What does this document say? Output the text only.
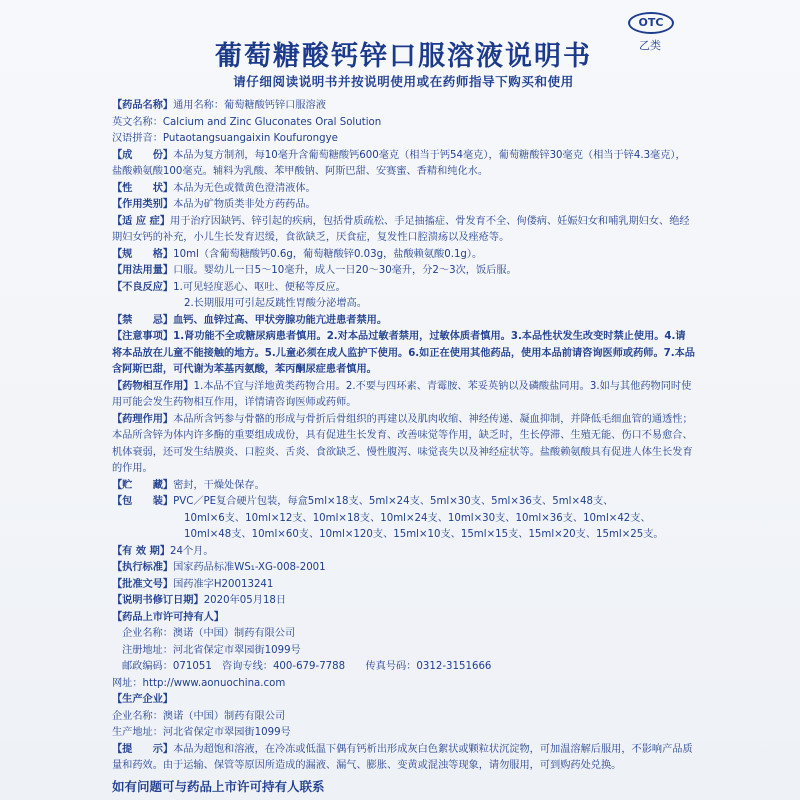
OTC
乙类
葡萄糖酸钙锌口服溶液说明书
请仔细阅读说明书并按说明使用或在药师指导下购买和使用
【药品名称】通用名称：葡萄糖酸钙锌口服溶液
英文名称：Calcium and Zinc Gluconates Oral Solution
汉语拼音：Putaotangsuangaixin Koufurongye
【成　　份】本品为复方制剂，每10毫升含葡萄糖酸钙600毫克（相当于钙54毫克），葡萄糖酸锌30毫克（相当于锌4.3毫克），盐酸赖氨酸100毫克。辅料为乳酸、苯甲酸钠、阿斯巴甜、安赛蜜、香精和纯化水。
【性　　状】本品为无色或微黄色澄清液体。
【作用类别】本品为矿物质类非处方药药品。
【适 应 症】用于治疗因缺钙、锌引起的疾病，包括骨质疏松、手足抽搐症、骨发育不全、佝偻病、妊娠妇女和哺乳期妇女、绝经期妇女钙的补充，小儿生长发育迟缓，食欲缺乏，厌食症，复发性口腔溃疡以及痤疮等。
【规　　格】10ml（含葡萄糖酸钙0.6g，葡萄糖酸锌0.03g，盐酸赖氨酸0.1g）。
【用法用量】口服。婴幼儿一日5～10毫升，成人一日20～30毫升，分2～3次，饭后服。
【不良反应】1.可见轻度恶心、呕吐、便秘等反应。
2.长期服用可引起反跳性胃酸分泌增高。
【禁　　忌】血钙、血锌过高、甲状旁腺功能亢进患者禁用。
【注意事项】1.肾功能不全或糖尿病患者慎用。2.对本品过敏者禁用，过敏体质者慎用。3.本品性状发生改变时禁止使用。4.请将本品放在儿童不能接触的地方。5.儿童必须在成人监护下使用。6.如正在使用其他药品，使用本品前请咨询医师或药师。7.本品含阿斯巴甜，可代谢为苯基丙氨酸，苯丙酮尿症患者慎用。
【药物相互作用】1.本品不宜与洋地黄类药物合用。2.不要与四环素、青霉胺、苯妥英钠以及磷酸盐同用。3.如与其他药物同时使用可能会发生药物相互作用，详情请咨询医师或药师。
【药理作用】本品所含钙参与骨骼的形成与骨折后骨组织的再建以及肌肉收缩、神经传递、凝血抑制，并降低毛细血管的通透性；本品所含锌为体内许多酶的重要组成成份，具有促进生长发育、改善味觉等作用，缺乏时，生长停滞、生殖无能、伤口不易愈合、机体衰弱，还可发生结膜炎、口腔炎、舌炎、食欲缺乏、慢性腹泻、味觉丧失以及神经症状等。盐酸赖氨酸具有促进人体生长发育的作用。
【贮　　藏】密封，干燥处保存。
【包　　装】PVC／PE复合硬片包装，每盒5ml×18支、5ml×24支、5ml×30支、5ml×36支、5ml×48支、
10ml×6支、10ml×12支、10ml×18支、10ml×24支、10ml×30支、10ml×36支、10ml×42支、
10ml×48支、10ml×60支、10ml×120支、15ml×10支、15ml×15支、15ml×20支、15ml×25支。
【有 效 期】24个月。
【执行标准】国家药品标准WS₁-XG-008-2001
【批准文号】国药准字H20013241
【说明书修订日期】2020年05月18日
【药品上市许可持有人】
企业名称：澳诺（中国）制药有限公司
注册地址：河北省保定市翠园街1099号
邮政编码：071051　咨询专线：400-679-7788　　传真号码：0312-3151666
网址：http://www.aonuochina.com
【生产企业】
企业名称：澳诺（中国）制药有限公司
生产地址：河北省保定市翠园街1099号
【提　　示】本品为超饱和溶液，在冷冻或低温下偶有钙析出形成灰白色絮状或颗粒状沉淀物，可加温溶解后服用，不影响产品质量和药效。由于运输、保管等原因所造成的漏液、漏气、膨胀、变黄或混浊等现象，请勿服用，可到购药处兑换。
如有问题可与药品上市许可持有人联系
